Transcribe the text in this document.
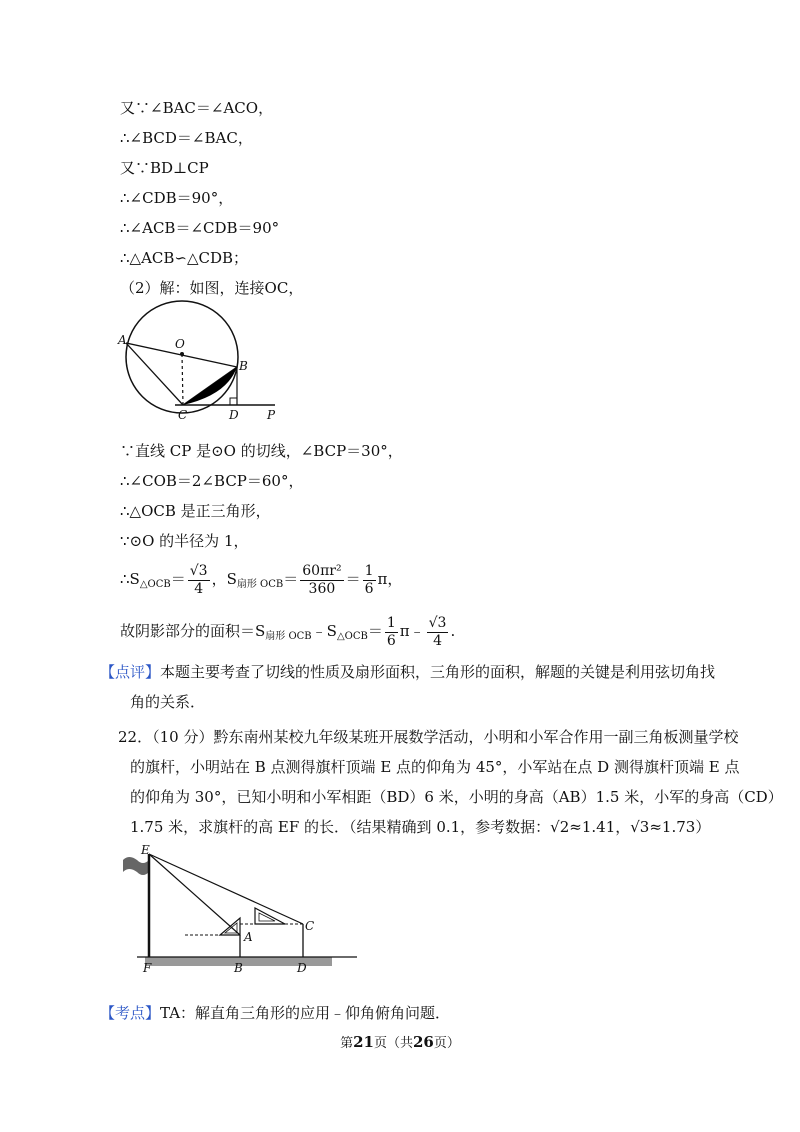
又∵∠BAC＝∠ACO，
∴∠BCD＝∠BAC，
又∵BD⊥CP
∴∠CDB＝90°，
∴∠ACB＝∠CDB＝90°
∴△ACB∽△CDB；
（2）解：如图，连接OC，
A	O
B
C	D P
∵直线 CP 是⊙O 的切线，∠BCP＝30°，
∴∠COB＝2∠BCP＝60°，
∴△OCB 是正三角形，
∵⊙O 的半径为 1，
$\therefore S_{\triangle OCB}= \frac{√3}{4}$ ，$S_{扇形 OCB}= \frac{\text{60πr²}}{360} = \frac{1}{6}$ π，
故阴影部分的面积$=S_{扇形 OCB}﹣S_{\triangle OCB}= \frac{1}{6}$ π﹣ $\frac{√3}{4}$ .
【点评】本题主要考查了切线的性质及扇形面积，三角形的面积，解题的关键是利用弦切角找
角的关系．
22．（10 分）黔东南州某校九年级某班开展数学活动，小明和小军合作用一副三角板测量学校
的旗杆，小明站在 B 点测得旗杆顶端 E 点的仰角为 45°，小军站在点 D 测得旗杆顶端 E 点
的仰角为 30°，已知小明和小军相距（BD）6 米，小明的身高（AB）1.5 米，小军的身高（CD）
1.75 米，求旗杆的高 EF 的长．（结果精确到 0.1，参考数据：√2≈1.41，√3≈1.73）
E
A
C
F	B	D
【考点】TA：解直角三角形的应用﹣仰角俯角问题．
第21页（共26页）
